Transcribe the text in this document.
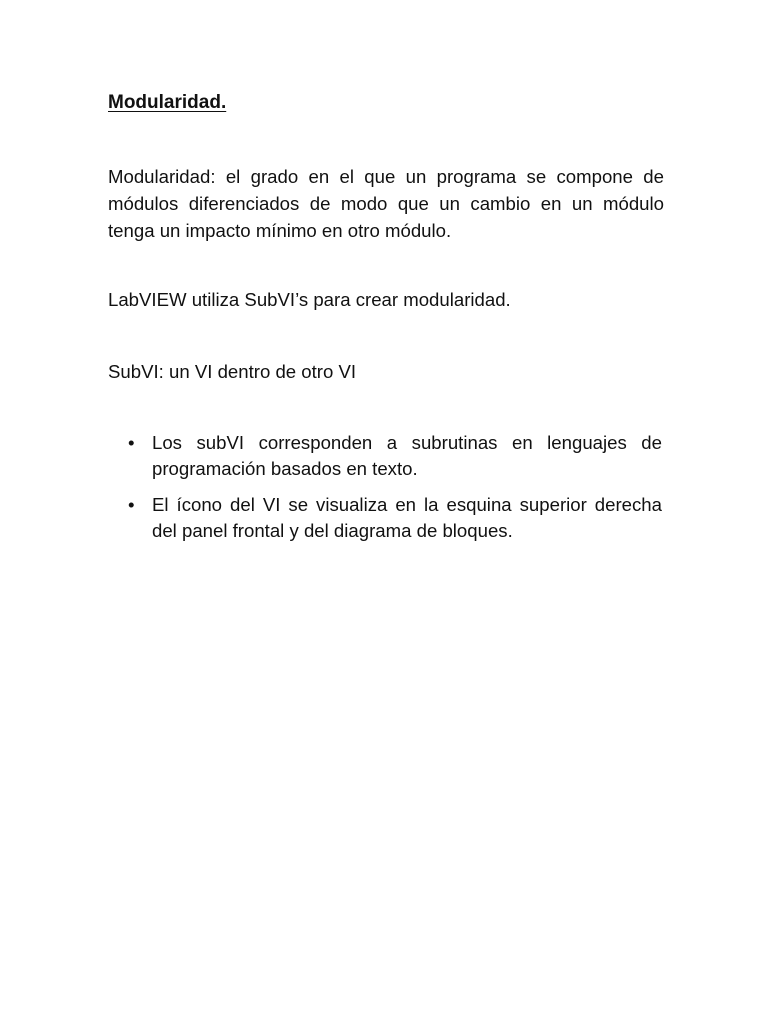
Modularidad.

Modularidad: el grado en el que un programa se compone de módulos diferenciados de modo que un cambio en un módulo tenga un impacto mínimo en otro módulo.

LabVIEW utiliza SubVI’s para crear modularidad.

SubVI: un VI dentro de otro VI

• Los subVI corresponden a subrutinas en lenguajes de programación basados en texto.
• El ícono del VI se visualiza en la esquina superior derecha del panel frontal y del diagrama de bloques.
